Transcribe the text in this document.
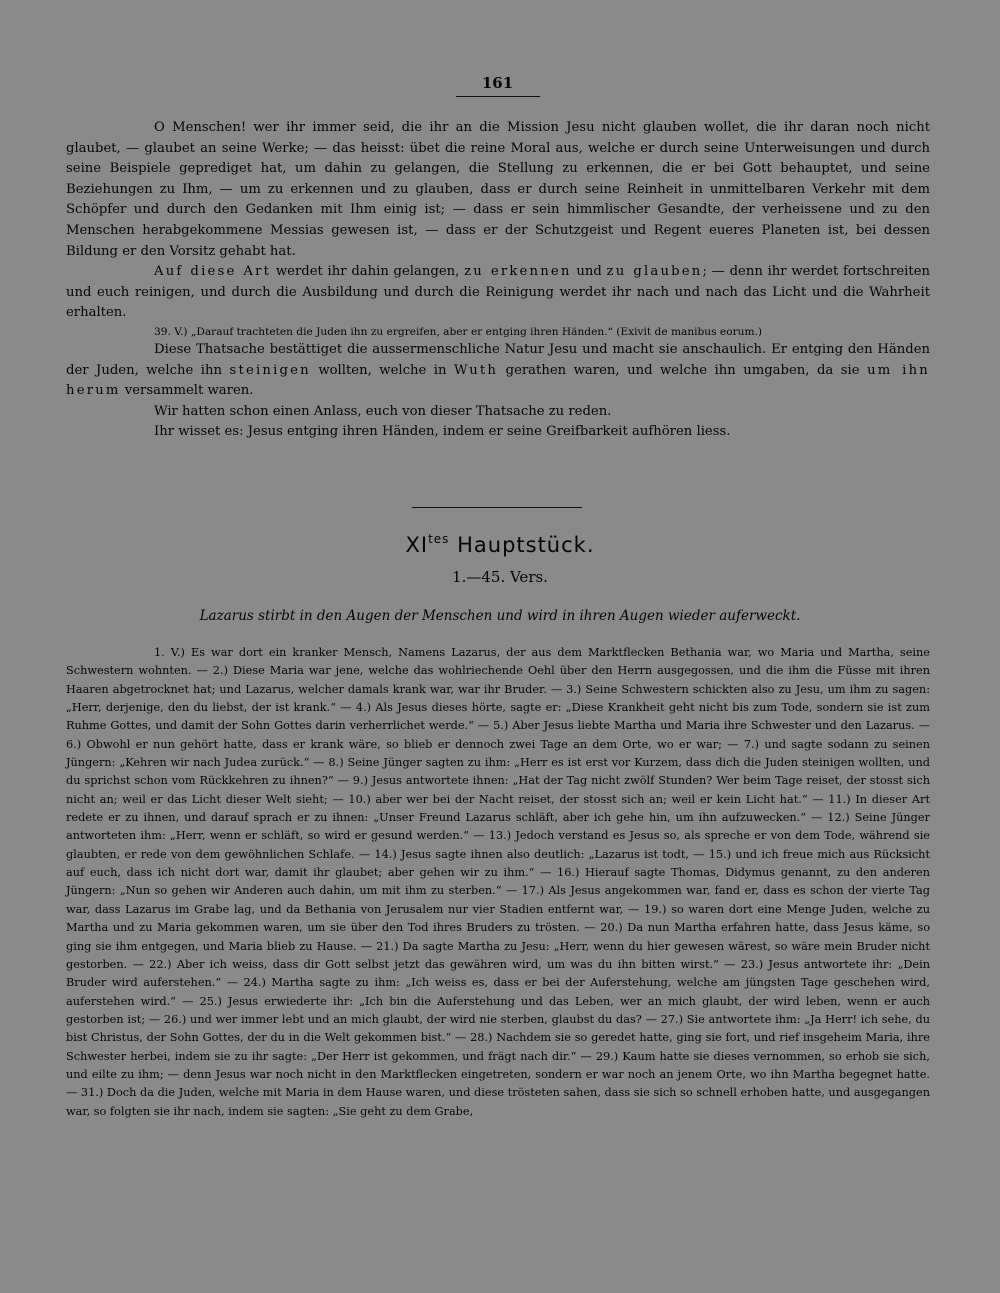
161

O Menschen! wer ihr immer seid, die ihr an die Mission Jesu nicht glauben wollet, die ihr daran noch nicht glaubet, — glaubet an seine Werke; — das heisst: übet die reine Moral aus, welche er durch seine Unterweisungen und durch seine Beispiele geprediget hat, um dahin zu gelangen, die Stellung zu erkennen, die er bei Gott behauptet, und seine Beziehungen zu Ihm, — um zu erkennen und zu glauben, dass er durch seine Reinheit in unmittelbaren Verkehr mit dem Schöpfer und durch den Gedanken mit Ihm einig ist; — dass er sein himmlischer Gesandte, der verheissene und zu den Menschen herabgekommene Messias gewesen ist, — dass er der Schutzgeist und Regent eueres Planeten ist, bei dessen Bildung er den Vorsitz gehabt hat.

Auf diese Art werdet ihr dahin gelangen, zu erkennen und zu glauben; — denn ihr werdet fortschreiten und euch reinigen, und durch die Ausbildung und durch die Reinigung werdet ihr nach und nach das Licht und die Wahrheit erhalten.

39. V.) „Darauf trachteten die Juden ihn zu ergreifen, aber er entging ihren Händen.“ (Exivit de manibus eorum.)

Diese Thatsache bestättiget die aussermenschliche Natur Jesu und macht sie anschaulich. Er entging den Händen der Juden, welche ihn steinigen wollten, welche in Wuth gerathen waren, und welche ihn umgaben, da sie um ihn herum versammelt waren.

Wir hatten schon einen Anlass, euch von dieser Thatsache zu reden.

Ihr wisset es: Jesus entging ihren Händen, indem er seine Greifbarkeit aufhören liess.

$XI^{tes}$ Hauptstück.
1.—45. Vers.
Lazarus stirbt in den Augen der Menschen und wird in ihren Augen wieder auferweckt.

1. V.) Es war dort ein kranker Mensch, Namens Lazarus, der aus dem Marktflecken Bethania war, wo Maria und Martha, seine Schwestern wohnten. — 2.) Diese Maria war jene, welche das wohlriechende Oehl über den Herrn ausgegossen, und die ihm die Füsse mit ihren Haaren abgetrocknet hat; und Lazarus, welcher damals krank war, war ihr Bruder. — 3.) Seine Schwestern schickten also zu Jesu, um ihm zu sagen: „Herr, derjenige, den du liebst, der ist krank.“ — 4.) Als Jesus dieses hörte, sagte er: „Diese Krankheit geht nicht bis zum Tode, sondern sie ist zum Ruhme Gottes, und damit der Sohn Gottes darin verherrlichet werde.“ — 5.) Aber Jesus liebte Martha und Maria ihre Schwester und den Lazarus. — 6.) Obwohl er nun gehört hatte, dass er krank wäre, so blieb er dennoch zwei Tage an dem Orte, wo er war; — 7.) und sagte sodann zu seinen Jüngern: „Kehren wir nach Judea zurück.“ — 8.) Seine Jünger sagten zu ihm: „Herr es ist erst vor Kurzem, dass dich die Juden steinigen wollten, und du sprichst schon vom Rückkehren zu ihnen?“ — 9.) Jesus antwortete ihnen: „Hat der Tag nicht zwölf Stunden? Wer beim Tage reiset, der stosst sich nicht an; weil er das Licht dieser Welt sieht; — 10.) aber wer bei der Nacht reiset, der stosst sich an; weil er kein Licht hat.“ — 11.) In dieser Art redete er zu ihnen, und darauf sprach er zu ihnen: „Unser Freund Lazarus schläft, aber ich gehe hin, um ihn aufzuwecken.“ — 12.) Seine Jünger antworteten ihm: „Herr, wenn er schläft, so wird er gesund werden.“ — 13.) Jedoch verstand es Jesus so, als spreche er von dem Tode, während sie glaubten, er rede von dem gewöhnlichen Schlafe. — 14.) Jesus sagte ihnen also deutlich: „Lazarus ist todt, — 15.) und ich freue mich aus Rücksicht auf euch, dass ich nicht dort war, damit ihr glaubet; aber gehen wir zu ihm.“ — 16.) Hierauf sagte Thomas, Didymus genannt, zu den anderen Jüngern: „Nun so gehen wir Anderen auch dahin, um mit ihm zu sterben.“ — 17.) Als Jesus angekommen war, fand er, dass es schon der vierte Tag war, dass Lazarus im Grabe lag, und da Bethania von Jerusalem nur vier Stadien entfernt war, — 19.) so waren dort eine Menge Juden, welche zu Martha und zu Maria gekommen waren, um sie über den Tod ihres Bruders zu trösten. — 20.) Da nun Martha erfahren hatte, dass Jesus käme, so ging sie ihm entgegen, und Maria blieb zu Hause. — 21.) Da sagte Martha zu Jesu: „Herr, wenn du hier gewesen wärest, so wäre mein Bruder nicht gestorben. — 22.) Aber ich weiss, dass dir Gott selbst jetzt das gewähren wird, um was du ihn bitten wirst.“ — 23.) Jesus antwortete ihr: „Dein Bruder wird auferstehen.“ — 24.) Martha sagte zu ihm: „Ich weiss es, dass er bei der Auferstehung, welche am jüngsten Tage geschehen wird, auferstehen wird.“ — 25.) Jesus erwiederte ihr: „Ich bin die Auferstehung und das Leben, wer an mich glaubt, der wird leben, wenn er auch gestorben ist; — 26.) und wer immer lebt und an mich glaubt, der wird nie sterben, glaubst du das? — 27.) Sie antwortete ihm: „Ja Herr! ich sehe, du bist Christus, der Sohn Gottes, der du in die Welt gekommen bist.“ — 28.) Nachdem sie so geredet hatte, ging sie fort, und rief insgeheim Maria, ihre Schwester herbei, indem sie zu ihr sagte: „Der Herr ist gekommen, und frägt nach dir.“ — 29.) Kaum hatte sie dieses vernommen, so erhob sie sich, und eilte zu ihm; — denn Jesus war noch nicht in den Marktflecken eingetreten, sondern er war noch an jenem Orte, wo ihn Martha begegnet hatte. — 31.) Doch da die Juden, welche mit Maria in dem Hause waren, und diese trösteten sahen, dass sie sich so schnell erhoben hatte, und ausgegangen war, so folgten sie ihr nach, indem sie sagten: „Sie geht zu dem Grabe,
